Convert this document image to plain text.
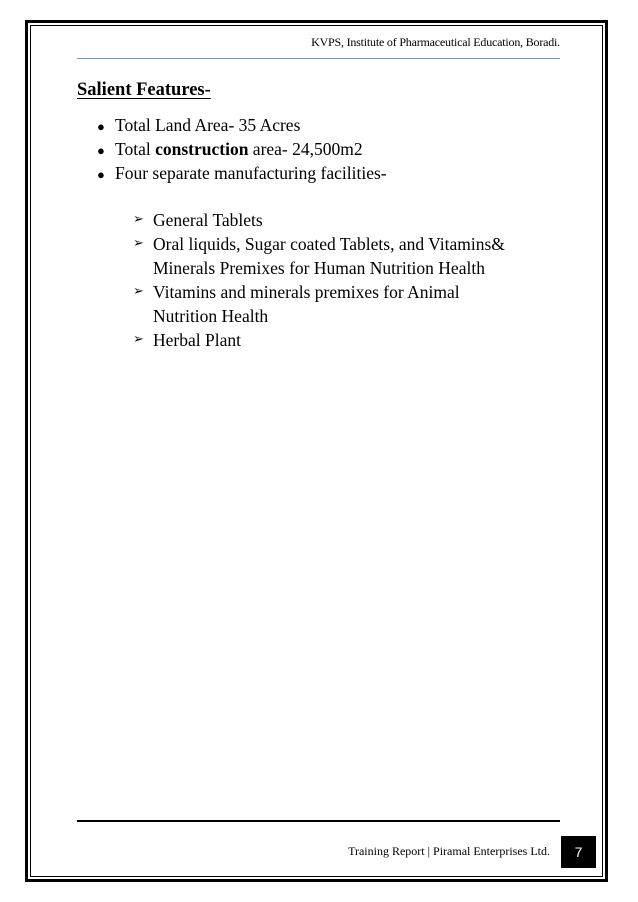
KVPS, Institute of Pharmaceutical Education, Boradi.
Salient Features-
● Total Land Area- 35 Acres
● Total construction area- 24,500m2
● Four separate manufacturing facilities-
➢ General Tablets
➢ Oral liquids, Sugar coated Tablets, and Vitamins&
Minerals Premixes for Human Nutrition Health
➢ Vitamins and minerals premixes for Animal
Nutrition Health
➢ Herbal Plant
Training Report | Piramal Enterprises Ltd.	7
